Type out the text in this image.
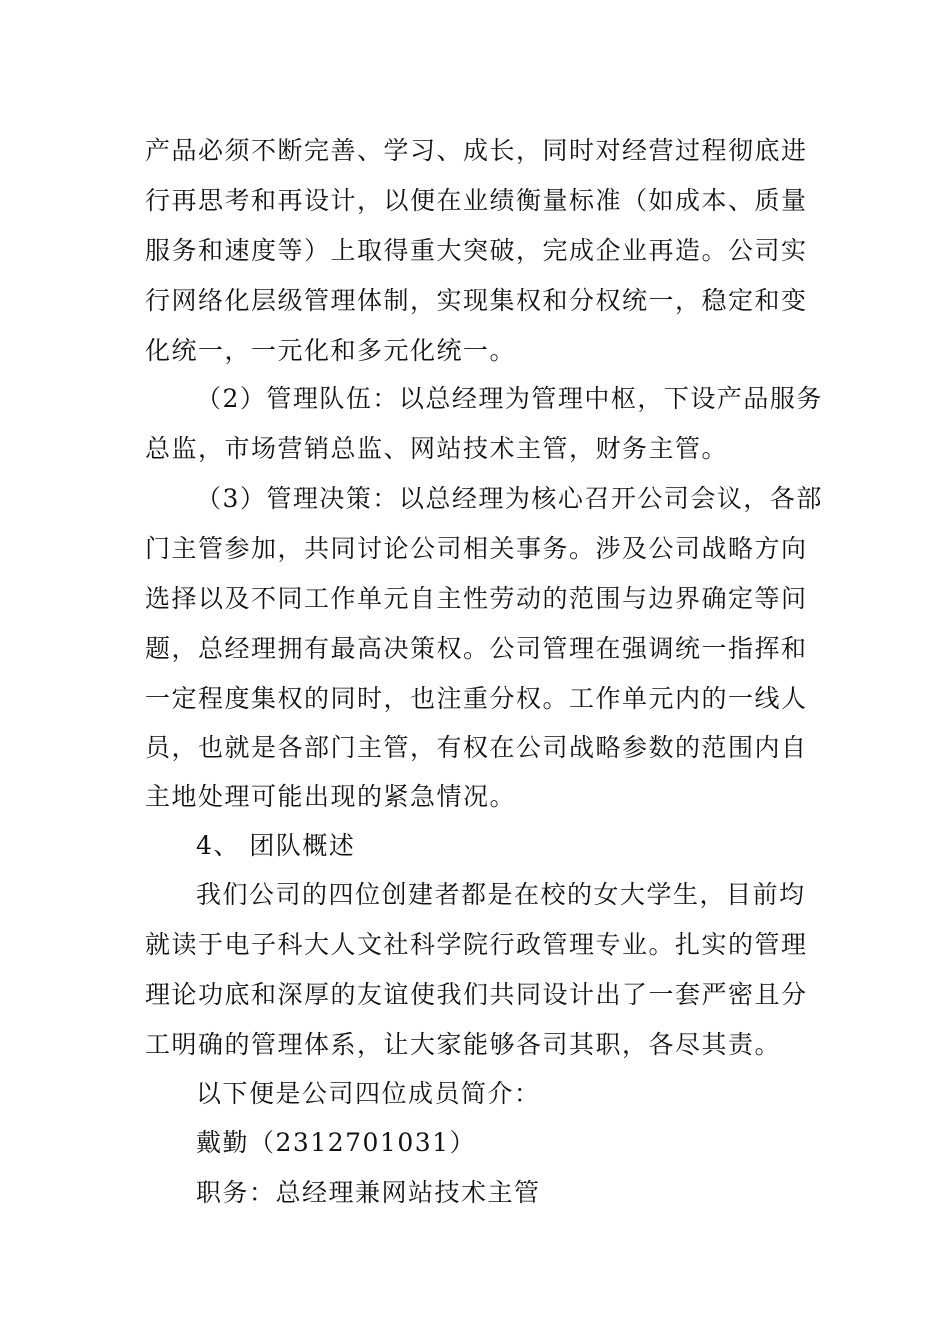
产品必须不断完善、学习、成长，同时对经营过程彻底进
行再思考和再设计，以便在业绩衡量标准（如成本、质量
服务和速度等）上取得重大突破，完成企业再造。公司实
行网络化层级管理体制，实现集权和分权统一，稳定和变
化统一，一元化和多元化统一。
（2）管理队伍：以总经理为管理中枢，下设产品服务
总监，市场营销总监、网站技术主管，财务主管。
（3）管理决策：以总经理为核心召开公司会议，各部
门主管参加，共同讨论公司相关事务。涉及公司战略方向
选择以及不同工作单元自主性劳动的范围与边界确定等问
题，总经理拥有最高决策权。公司管理在强调统一指挥和
一定程度集权的同时，也注重分权。工作单元内的一线人
员，也就是各部门主管，有权在公司战略参数的范围内自
主地处理可能出现的紧急情况。
4、 团队概述
我们公司的四位创建者都是在校的女大学生，目前均
就读于电子科大人文社科学院行政管理专业。扎实的管理
理论功底和深厚的友谊使我们共同设计出了一套严密且分
工明确的管理体系，让大家能够各司其职，各尽其责。
以下便是公司四位成员简介：
戴勤（2312701031）
职务：总经理兼网站技术主管
